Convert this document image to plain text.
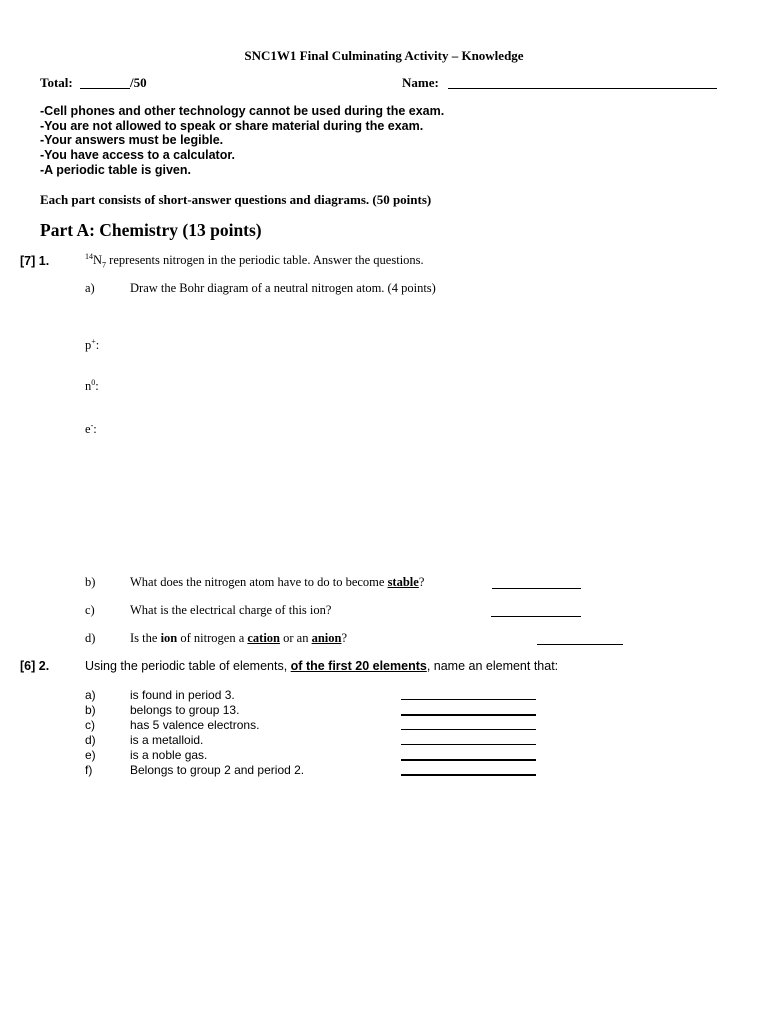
SNC1W1 Final Culminating Activity – Knowledge
Total:	/50	Name:
-Cell phones and other technology cannot be used during the exam.
-You are not allowed to speak or share material during the exam.
-Your answers must be legible.
-You have access to a calculator.
-A periodic table is given.
Each part consists of short-answer questions and diagrams. (50 points)
Part A: Chemistry (13 points)
[7] 1.	$^{14}N_7$ represents nitrogen in the periodic table. Answer the questions.
a)	Draw the Bohr diagram of a neutral nitrogen atom. (4 points)
p+:
$n^0$:
e-:
b)	What does the nitrogen atom have to do to become stable?
c)	What is the electrical charge of this ion?
d)	Is the ion of nitrogen a cation or an anion?
[6] 2.	Using the periodic table of elements, of the first 20 elements, name an element that:
a)	is found in period 3.
b)	belongs to group 13.
c)	has 5 valence electrons.
d)	is a metalloid.
e)	is a noble gas.
f)	Belongs to group 2 and period 2.
